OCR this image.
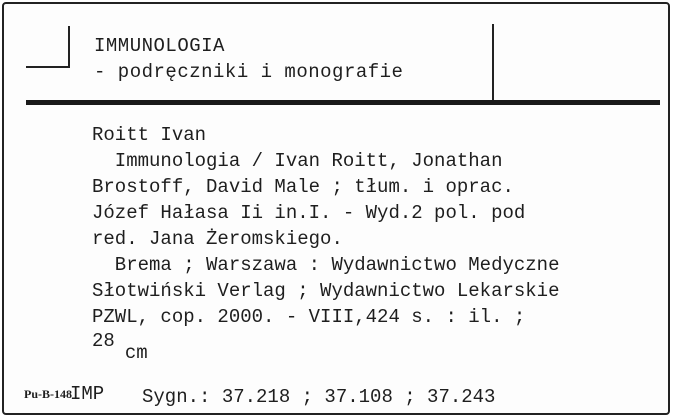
IMMUNOLOGIA
- podręczniki i monografie
Roitt Ivan
Immunologia / Ivan Roitt, Jonathan
Brostoff, David Male ; tłum. i oprac.
Józef Hałasa Ii in.I. - Wyd.2 pol. pod
red. Jana Żeromskiego.
Brema ; Warszawa : Wydawnictwo Medyczne
Słotwiński Verlag ; Wydawnictwo Lekarskie
PZWL, cop. 2000. - VIII,424 s. : il. ;
28cm
Pu-B-148
IMP Sygn.: 37.218 ; 37.108 ; 37.243
